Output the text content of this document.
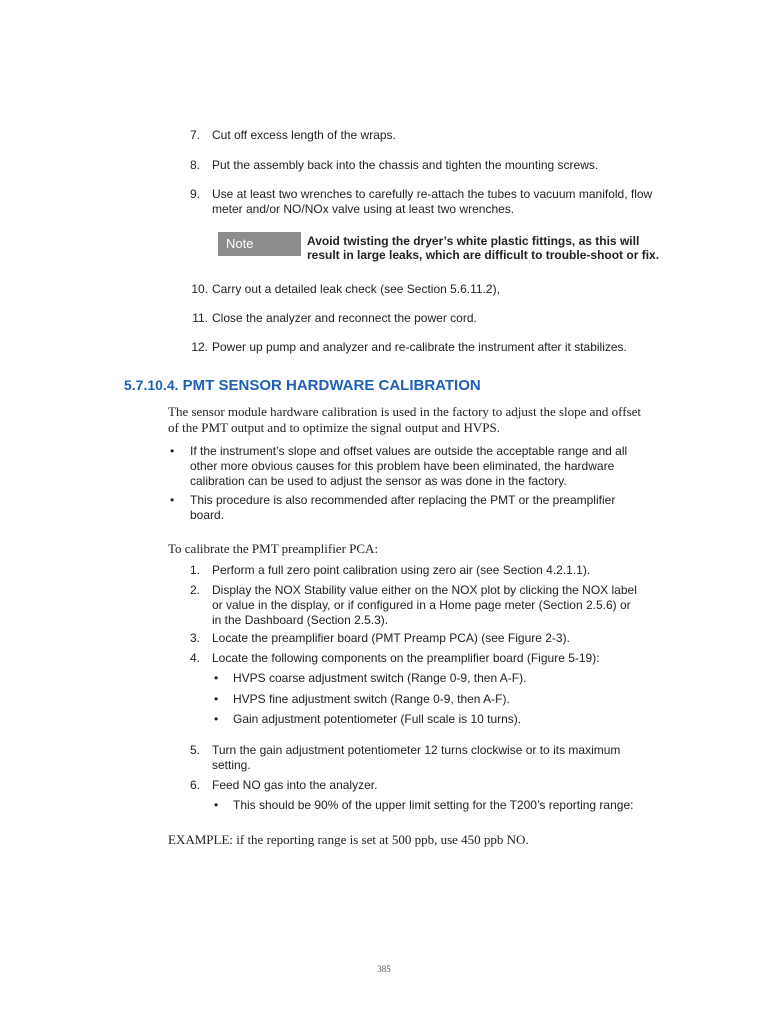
7. Cut off excess length of the wraps.
8. Put the assembly back into the chassis and tighten the mounting screws.
9. Use at least two wrenches to carefully re-attach the tubes to vacuum manifold, flow
meter and/or NO/NOx valve using at least two wrenches.
Note	Avoid twisting the dryer’s white plastic fittings, as this will
result in large leaks, which are difficult to trouble-shoot or fix.
10. Carry out a detailed leak check (see Section 5.6.11.2),
11. Close the analyzer and reconnect the power cord.
12. Power up pump and analyzer and re-calibrate the instrument after it stabilizes.
5.7.10.4. PMT SENSOR HARDWARE CALIBRATION
The sensor module hardware calibration is used in the factory to adjust the slope and offset
of the PMT output and to optimize the signal output and HVPS.
• If the instrument’s slope and offset values are outside the acceptable range and all
other more obvious causes for this problem have been eliminated, the hardware
calibration can be used to adjust the sensor as was done in the factory.
• This procedure is also recommended after replacing the PMT or the preamplifier
board.
To calibrate the PMT preamplifier PCA:
1. Perform a full zero point calibration using zero air (see Section 4.2.1.1).
2. Display the NOX Stability value either on the NOX plot by clicking the NOX label
or value in the display, or if configured in a Home page meter (Section 2.5.6) or
in the Dashboard (Section 2.5.3).
3. Locate the preamplifier board (PMT Preamp PCA) (see Figure 2-3).
4. Locate the following components on the preamplifier board (Figure 5-19):
• HVPS coarse adjustment switch (Range 0-9, then A-F).
• HVPS fine adjustment switch (Range 0-9, then A-F).
• Gain adjustment potentiometer (Full scale is 10 turns).
5. Turn the gain adjustment potentiometer 12 turns clockwise or to its maximum
setting.
6. Feed NO gas into the analyzer.
• This should be 90% of the upper limit setting for the T200’s reporting range:
EXAMPLE: if the reporting range is set at 500 ppb, use 450 ppb NO.
385
